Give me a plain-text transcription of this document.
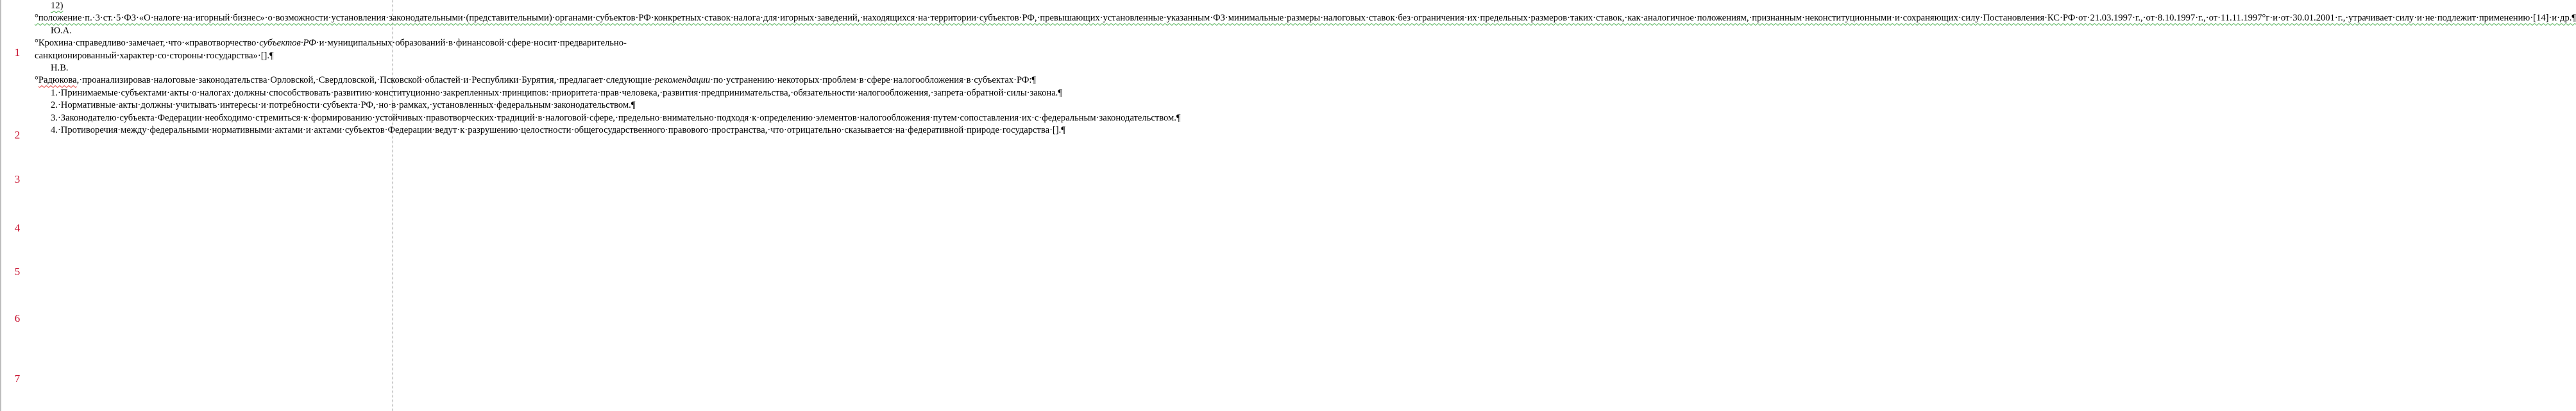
1
2
3
4
5
6
7

12)°положение·п.·3·ст.·5·ФЗ·«О·налоге·на·игорный·бизнес»·о·возможности·установления·законодательными·(представительными)·органами·субъектов·РФ·конкретных·ставок·налога·для·игорных·заведений,·находящихся·на·территории·субъектов·РФ,·превышающих·установленные·указанным·ФЗ·минимальные·размеры·налоговых·ставок·без·ограничения·их·предельных·размеров·таких·ставок,·как·аналогичное·положениям,·признанным·неконституционными·и·сохраняющих·силу·Постановления·КС·РФ·от·21.03.1997·г.,·от·8.10.1997·г.,·от·11.11.1997°г·и·от·30.01.2001·г.,·утрачивает·силу·и·не·подлежит·применению·[14]·и·др.¶

Ю.А.°Крохина·справедливо·замечает,·что·«правотворчество·субъектов·РФ·и·муниципальных·образований·в·финансовой·сфере·носит·предварительно-санкционированный·характер·со·стороны·государства»·[].¶

Н.В.°Радюкова,·проанализировав·налоговые·законодательства·Орловской,·Свердловской,·Псковской·областей·и·Республики·Бурятия,·предлагает·следующие·рекомендации·по·устранению·некоторых·проблем·в·сфере·налогообложения·в·субъектах·РФ:¶

1.·Принимаемые·субъектами·акты·о·налогах·должны·способствовать·развитию·конституционно·закрепленных·принципов:·приоритета·прав·человека,·развития·предпринимательства,·обязательности·налогообложения,·запрета·обратной·силы·закона.¶

2.·Нормативные·акты·должны·учитывать·интересы·и·потребности·субъекта·РФ,·но·в·рамках,·установленных·федеральным·законодательством.¶

3.·Законодателю·субъекта·Федерации·необходимо·стремиться·к·формированию·устойчивых·правотворческих·традиций·в·налоговой·сфере,·предельно·внимательно·подходя·к·определению·элементов·налогообложения·путем·сопоставления·их·с·федеральным·законодательством.¶

4.·Противоречия·между·федеральными·нормативными·актами·и·актами·субъектов·Федерации·ведут·к·разрушению·целостности·общегосударственного·правового·пространства,·что·отрицательно·сказывается·на·федеративной·природе·государства·[].¶
